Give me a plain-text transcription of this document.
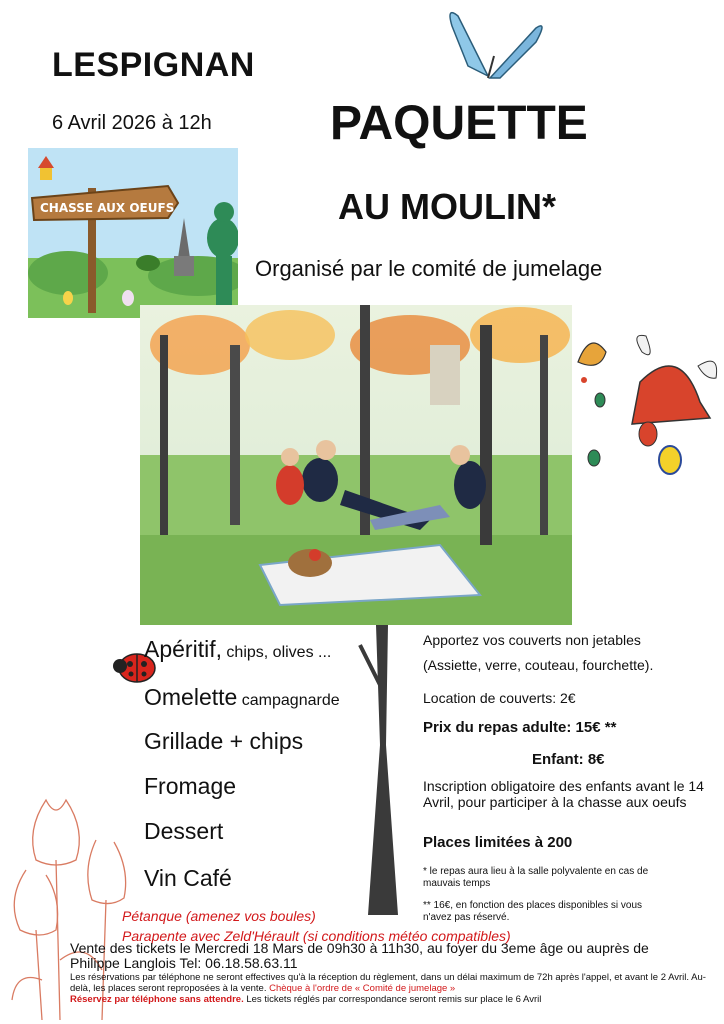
LESPIGNAN
6 Avril 2026 à 12h PAQUETTE
AU MOULIN*
Organisé par le comité de jumelage
CHASSE AUX OEUFS
Apéritif, chips, olives ...
Omelette campagnarde
Grillade + chips
Fromage
Dessert
Vin Café
Apportez vos couverts non jetables
(Assiette, verre, couteau, fourchette).
Location de couverts: 2€
Prix du repas adulte: 15€ **
Enfant: 8€
Inscription obligatoire des enfants avant le 14 Avril, pour participer à la chasse aux oeufs
Places limitées à 200
* le repas aura lieu à la salle polyvalente en cas de mauvais temps
** 16€, en fonction des places disponibles si vous n'avez pas réservé.
Pétanque (amenez vos boules)
Parapente avec Zeld'Hérault (si conditions météo compatibles)
Vente des tickets le Mercredi 18 Mars de 09h30 à 11h30, au foyer du 3eme âge ou auprès de Philippe Langlois Tel: 06.18.58.63.11
Les réservations par téléphone ne seront effectives qu'à la réception du règlement, dans un délai maximum de 72h après l'appel, et avant le 2 Avril. Au-delà, les places seront reproposées à la vente. Chèque à l'ordre de « Comité de jumelage »
Réservez par téléphone sans attendre. Les tickets réglés par correspondance seront remis sur place le 6 Avril
